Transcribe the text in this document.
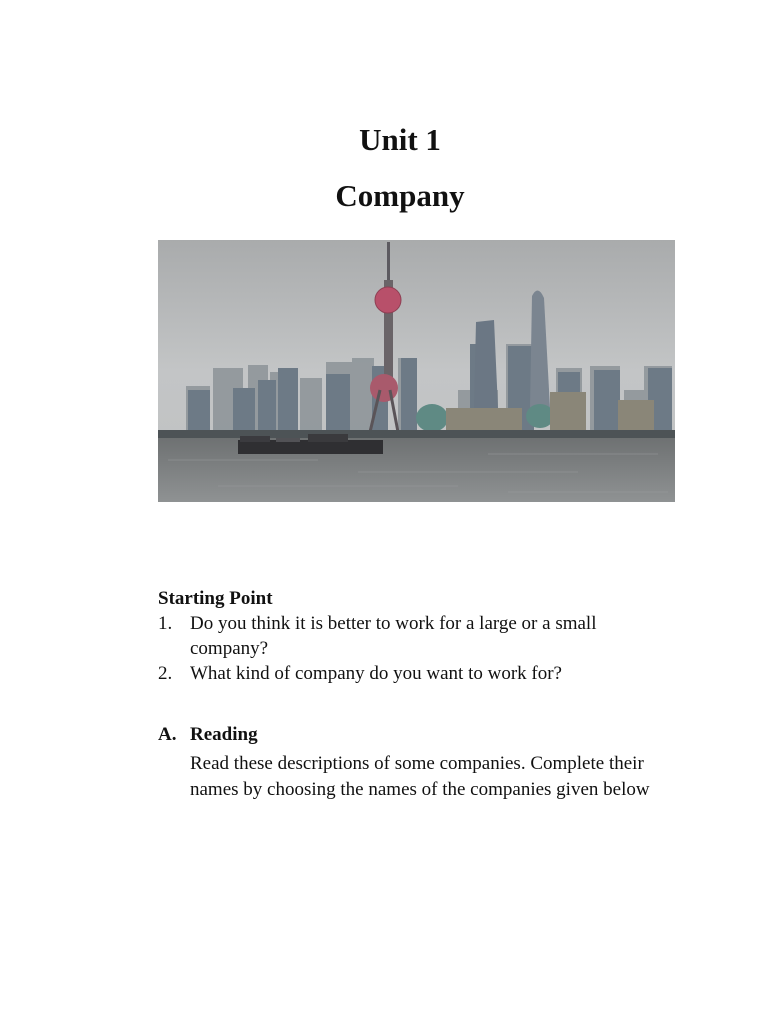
Unit 1
Company
Starting Point
1. Do you think it is better to work for a large or a small company?
2. What kind of company do you want to work for?
A. Reading
Read these descriptions of some companies. Complete their names by choosing the names of the companies given below
